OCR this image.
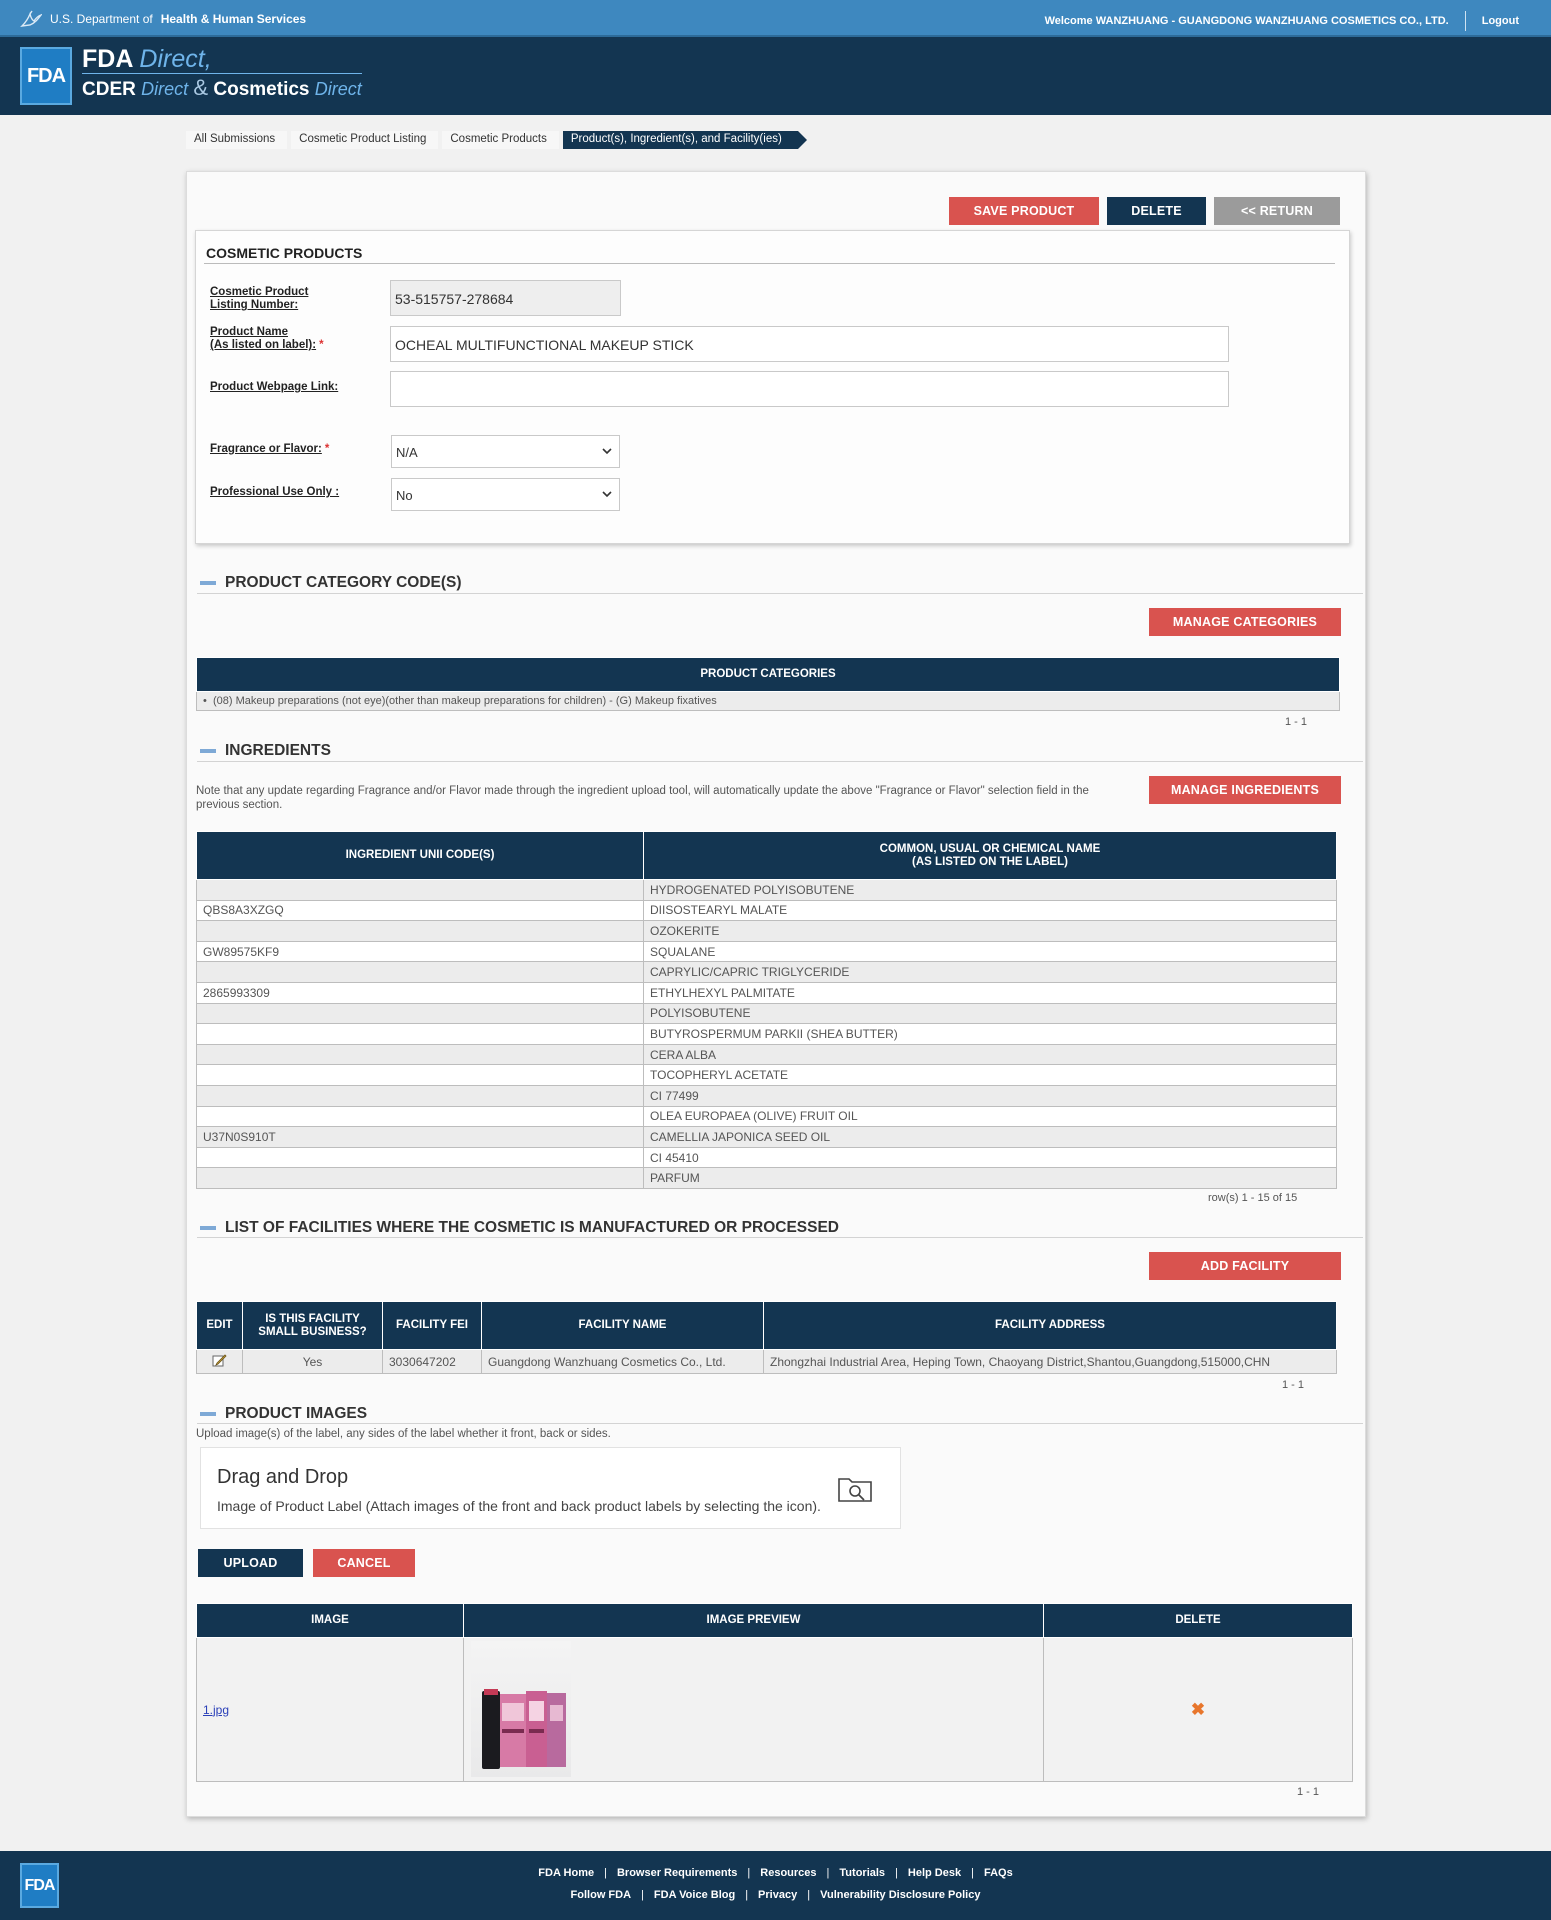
U.S. Department of Health & Human Services	Welcome WANZHUANG - GUANGDONG WANZHUANG COSMETICS CO., LTD.	Logout
FDA
FDA Direct,
CDER Direct & Cosmetics Direct
All Submissions	Cosmetic Product Listing	Cosmetic Products	Product(s), Ingredient(s), and Facility(ies)
SAVE PRODUCT	DELETE	<< RETURN
COSMETIC PRODUCTS
Cosmetic Product
Listing Number:	53-515757-278684
Product Name
(As listed on label): *	OCHEAL MULTIFUNCTIONAL MAKEUP STICK
Product Webpage Link:
Fragrance or Flavor: *	N/A
Professional Use Only :	No
PRODUCT CATEGORY CODE(S)
MANAGE CATEGORIES
PRODUCT CATEGORIES
•  (08) Makeup preparations (not eye)(other than makeup preparations for children) - (G) Makeup fixatives
1 - 1
INGREDIENTS
Note that any update regarding Fragrance and/or Flavor made through the ingredient upload tool, will automatically update the above "Fragrance or Flavor" selection field in the previous section.
MANAGE INGREDIENTS
INGREDIENT UNII CODE(S)	COMMON, USUAL OR CHEMICAL NAME
(AS LISTED ON THE LABEL)

	HYDROGENATED POLYISOBUTENE
QBS8A3XZGQ	DIISOSTEARYL MALATE
	OZOKERITE
GW89575KF9	SQUALANE
	CAPRYLIC/CAPRIC TRIGLYCERIDE
2865993309	ETHYLHEXYL PALMITATE
	POLYISOBUTENE
	BUTYROSPERMUM PARKII (SHEA BUTTER)
	CERA ALBA
	TOCOPHERYL ACETATE
	CI 77499
	OLEA EUROPAEA (OLIVE) FRUIT OIL
U37N0S910T	CAMELLIA JAPONICA SEED OIL
	CI 45410
	PARFUM
row(s) 1 - 15 of 15
LIST OF FACILITIES WHERE THE COSMETIC IS MANUFACTURED OR PROCESSED
ADD FACILITY
EDIT	IS THIS FACILITY
SMALL BUSINESS?	FACILITY FEI	FACILITY NAME	FACILITY ADDRESS
	Yes	3030647202	Guangdong Wanzhuang Cosmetics Co., Ltd.	Zhongzhai Industrial Area, Heping Town, Chaoyang District,Shantou,Guangdong,515000,CHN
1 - 1
PRODUCT IMAGES
Upload image(s) of the label, any sides of the label whether it front, back or sides.
Drag and Drop
Image of Product Label (Attach images of the front and back product labels by selecting the icon).
UPLOAD	CANCEL
IMAGE	IMAGE PREVIEW	DELETE
1.jpg		✖
1 - 1
FDA
FDA Home | Browser Requirements | Resources | Tutorials | Help Desk | FAQs
Follow FDA | FDA Voice Blog | Privacy | Vulnerability Disclosure Policy
